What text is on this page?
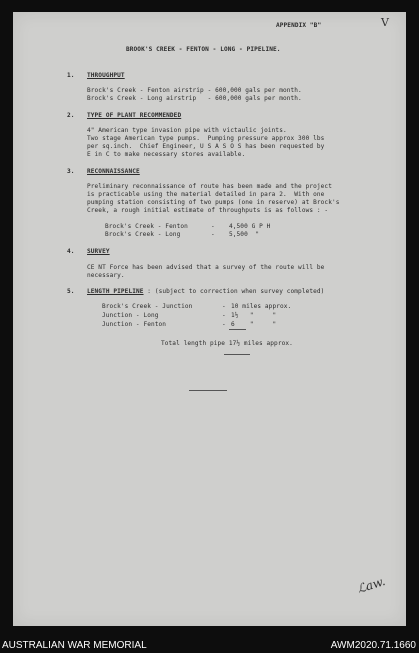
APPENDIX "B"	V
BROOK'S CREEK - FENTON - LONG - PIPELINE.
1. THROUGHPUT
Brock's Creek - Fenton airstrip - 600,000 gals per month.
Brock's Creek - Long airstrip   - 600,000 gals per month.
2. TYPE OF PLANT RECOMMENDED
4" American type invasion pipe with victaulic joints.
Two stage American type pumps.  Pumping pressure approx 300 lbs
per sq.inch.  Chief Engineer, U S A S O S has been requested by
E in C to make necessary stores available.
3. RECONNAISSANCE
Preliminary reconnaissance of route has been made and the project
is practicable using the material detailed in para 2.  With one
pumping station consisting of two pumps (one in reserve) at Brock's
Creek, a rough initial estimate of throughputs is as follows : -
Brock's Creek - Fenton	- 4,500 G P H
Brock's Creek - Long	- 5,500  "
4. SURVEY
CE NT Force has been advised that a survey of the route will be
necessary.
5. LENGTH PIPELINE : (subject to correction when survey completed)
Brock's Creek - Junction	- 10 miles approx.
Junction - Long	- 1½   "     "
Junction - Fenton	- 6    "     "
Total length pipe 17½ miles approx.
ℒaw.
AUSTRALIAN WAR MEMORIAL	AWM2020.71.1660
